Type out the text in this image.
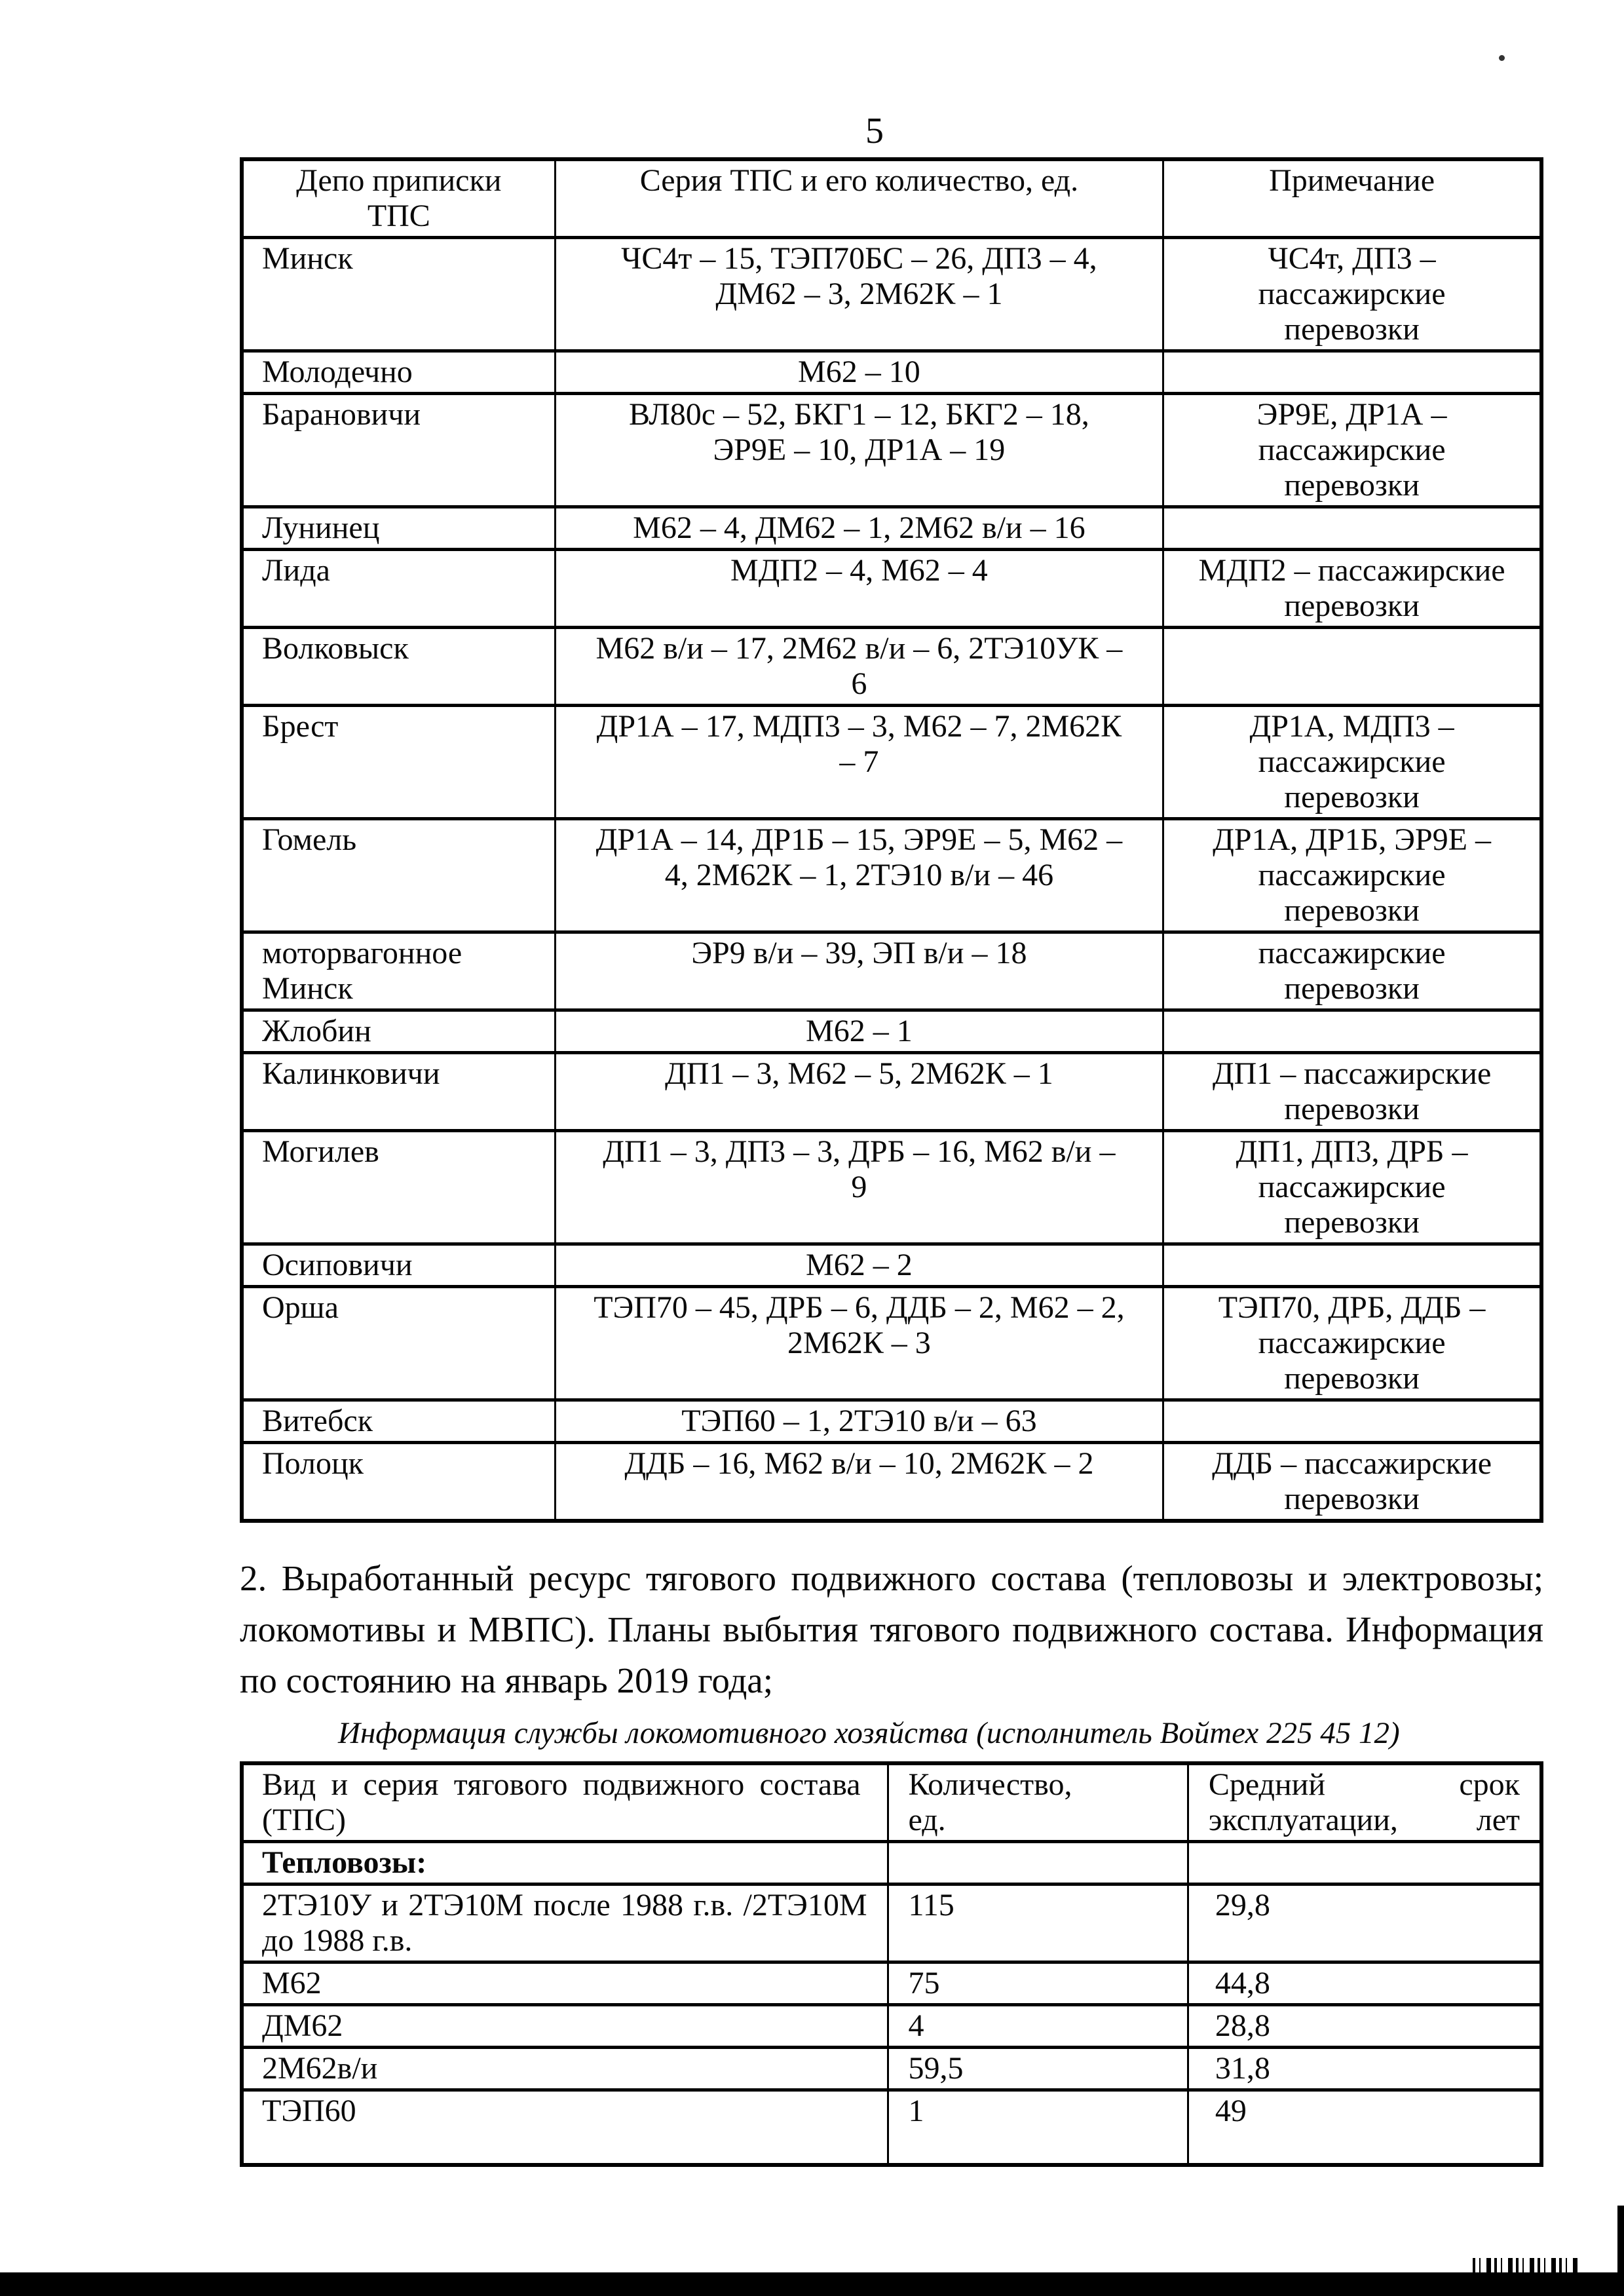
5
Депо приписки ТПС	Серия ТПС и его количество, ед.	Примечание
Минск	ЧС4т – 15, ТЭП70БС – 26, ДП3 – 4, ДМ62 – 3, 2М62К – 1	ЧС4т, ДП3 – пассажирские перевозки
Молодечно	М62 – 10	
Барановичи	ВЛ80с – 52, БКГ1 – 12, БКГ2 – 18, ЭР9Е – 10, ДР1А – 19	ЭР9Е, ДР1А – пассажирские перевозки
Лунинец	М62 – 4, ДМ62 – 1, 2М62 в/и – 16	
Лида	МДП2 – 4, М62 – 4	МДП2 – пассажирские перевозки
Волковыск	М62 в/и – 17, 2М62 в/и – 6, 2ТЭ10УК – 6	
Брест	ДР1А – 17, МДП3 – 3, М62 – 7, 2М62К – 7	ДР1А, МДП3 – пассажирские перевозки
Гомель	ДР1А – 14, ДР1Б – 15, ЭР9Е – 5, М62 – 4, 2М62К – 1, 2ТЭ10 в/и – 46	ДР1А, ДР1Б, ЭР9Е – пассажирские перевозки
моторвагонное Минск	ЭР9 в/и – 39, ЭП в/и – 18	пассажирские перевозки
Жлобин	М62 – 1	
Калинковичи	ДП1 – 3, М62 – 5, 2М62К – 1	ДП1 – пассажирские перевозки
Могилев	ДП1 – 3, ДП3 – 3, ДРБ – 16, М62 в/и – 9	ДП1, ДП3, ДРБ – пассажирские перевозки
Осиповичи	М62 – 2	
Орша	ТЭП70 – 45, ДРБ – 6, ДДБ – 2, М62 – 2, 2М62К – 3	ТЭП70, ДРБ, ДДБ – пассажирские перевозки
Витебск	ТЭП60 – 1, 2ТЭ10 в/и – 63	
Полоцк	ДДБ – 16, М62 в/и – 10, 2М62К – 2	ДДБ – пассажирские перевозки
2. Выработанный ресурс тягового подвижного состава (тепловозы и электровозы; локомотивы и МВПС). Планы выбытия тягового подвижного состава. Информация по состоянию на январь 2019 года;
Информация службы локомотивного хозяйства (исполнитель Войтех 225 45 12)
Вид и серия тягового подвижного состава (ТПС)	Количество, ед.	Средний срок эксплуатации, лет
Тепловозы:		
2ТЭ10У и 2ТЭ10М после 1988 г.в. /2ТЭ10М до 1988 г.в.	115	29,8
М62	75	44,8
ДМ62	4	28,8
2М62в/и	59,5	31,8
ТЭП60	1	49
